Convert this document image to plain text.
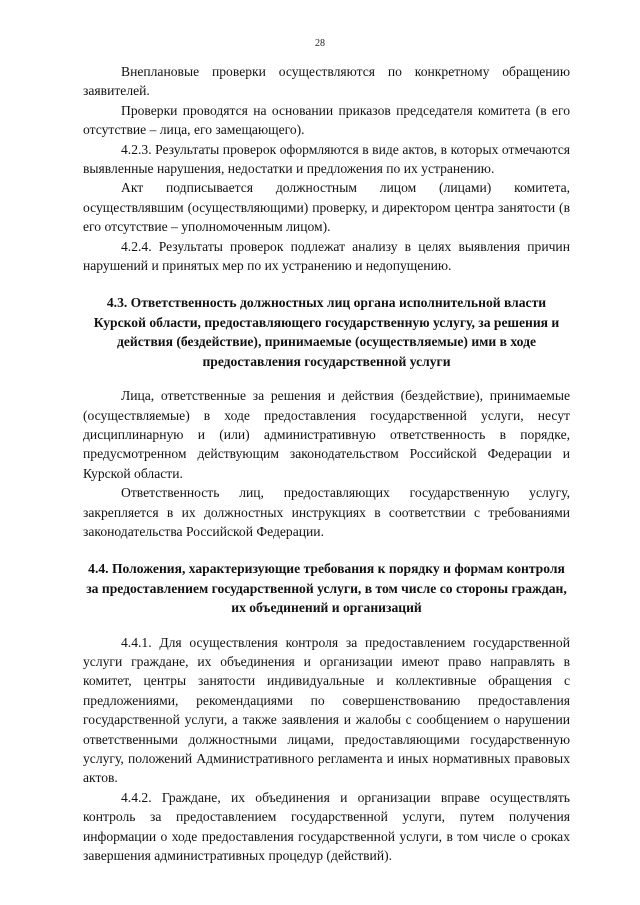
28

Внеплановые проверки осуществляются по конкретному обращению заявителей.

Проверки проводятся на основании приказов председателя комитета (в его отсутствие – лица, его замещающего).

4.2.3. Результаты проверок оформляются в виде актов, в которых отмечаются выявленные нарушения, недостатки и предложения по их устранению.

Акт подписывается должностным лицом (лицами) комитета, осуществлявшим (осуществляющими) проверку, и директором центра занятости (в его отсутствие – уполномоченным лицом).

4.2.4. Результаты проверок подлежат анализу в целях выявления причин нарушений и принятых мер по их устранению и недопущению.

4.3. Ответственность должностных лиц органа исполнительной власти Курской области, предоставляющего государственную услугу, за решения и действия (бездействие), принимаемые (осуществляемые) ими в ходе предоставления государственной услуги

Лица, ответственные за решения и действия (бездействие), принимаемые (осуществляемые) в ходе предоставления государственной услуги, несут дисциплинарную и (или) административную ответственность в порядке, предусмотренном действующим законодательством Российской Федерации и Курской области.

Ответственность лиц, предоставляющих государственную услугу, закрепляется в их должностных инструкциях в соответствии с требованиями законодательства Российской Федерации.

4.4. Положения, характеризующие требования к порядку и формам контроля за предоставлением государственной услуги, в том числе со стороны граждан, их объединений и организаций

4.4.1. Для осуществления контроля за предоставлением государственной услуги граждане, их объединения и организации имеют право направлять в комитет, центры занятости индивидуальные и коллективные обращения с предложениями, рекомендациями по совершенствованию предоставления государственной услуги, а также заявления и жалобы с сообщением о нарушении ответственными должностными лицами, предоставляющими государственную услугу, положений Административного регламента и иных нормативных правовых актов.

4.4.2. Граждане, их объединения и организации вправе осуществлять контроль за предоставлением государственной услуги, путем получения информации о ходе предоставления государственной услуги, в том числе о сроках завершения административных процедур (действий).
